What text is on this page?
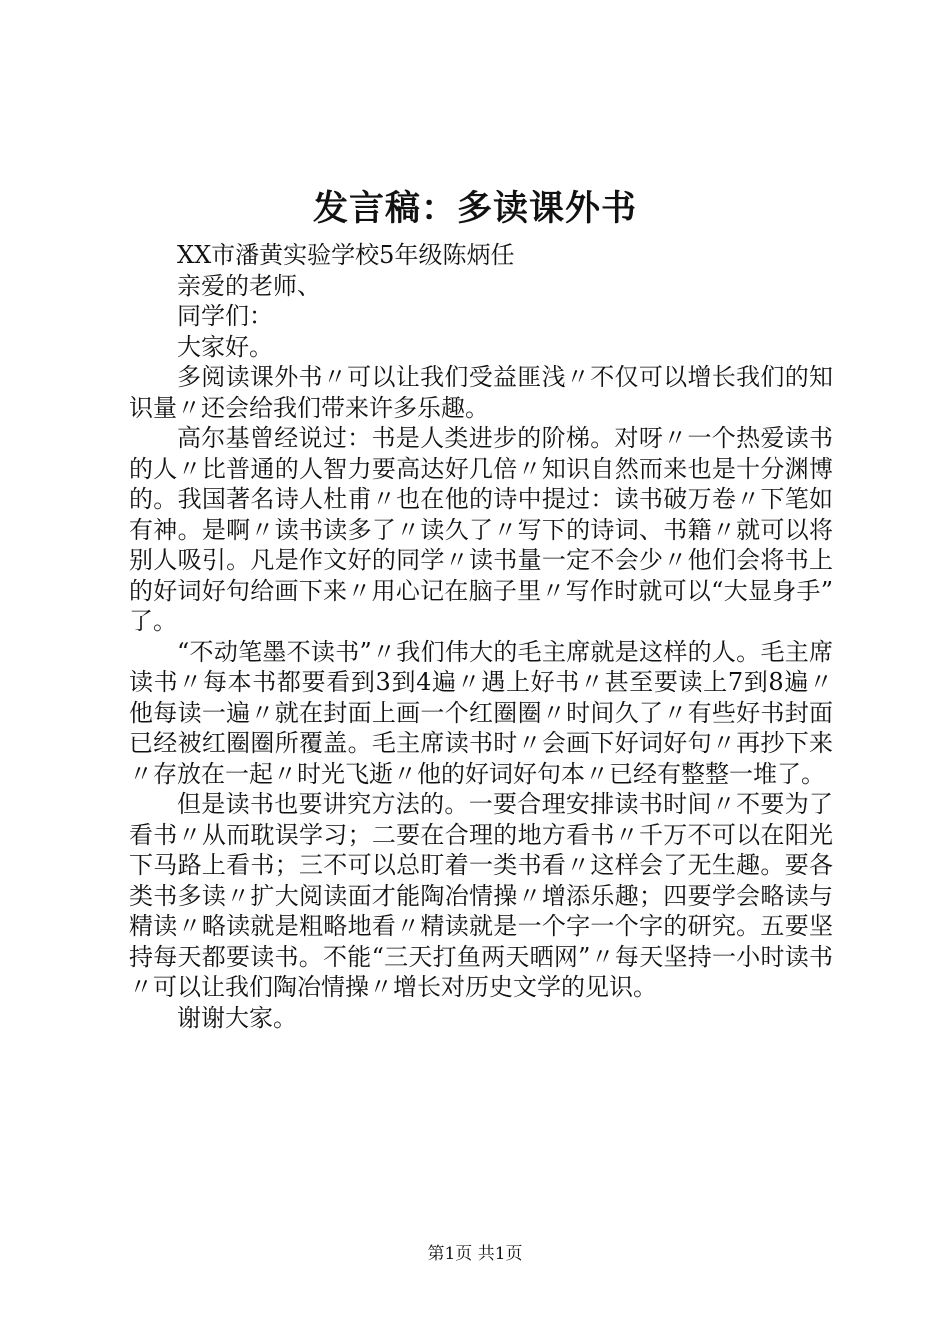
发言稿：多读课外书

XX市潘黄实验学校5年级陈炳任

亲爱的老师、

同学们：

大家好。

多阅读课外书〃可以让我们受益匪浅〃不仅可以增长我们的知识量〃还会给我们带来许多乐趣。

高尔基曾经说过：书是人类进步的阶梯。对呀〃一个热爱读书的人〃比普通的人智力要高达好几倍〃知识自然而来也是十分渊博的。我国著名诗人杜甫〃也在他的诗中提过：读书破万卷〃下笔如有神。是啊〃读书读多了〃读久了〃写下的诗词、书籍〃就可以将别人吸引。凡是作文好的同学〃读书量一定不会少〃他们会将书上的好词好句给画下来〃用心记在脑子里〃写作时就可以“大显身手”了。

“不动笔墨不读书”〃我们伟大的毛主席就是这样的人。毛主席读书〃每本书都要看到3到4遍〃遇上好书〃甚至要读上7到8遍〃他每读一遍〃就在封面上画一个红圈圈〃时间久了〃有些好书封面已经被红圈圈所覆盖。毛主席读书时〃会画下好词好句〃再抄下来〃存放在一起〃时光飞逝〃他的好词好句本〃已经有整整一堆了。

但是读书也要讲究方法的。一要合理安排读书时间〃不要为了看书〃从而耽误学习；二要在合理的地方看书〃千万不可以在阳光下马路上看书；三不可以总盯着一类书看〃这样会了无生趣。要各类书多读〃扩大阅读面才能陶冶情操〃增添乐趣；四要学会略读与精读〃略读就是粗略地看〃精读就是一个字一个字的研究。五要坚持每天都要读书。不能“三天打鱼两天晒网”〃每天坚持一小时读书〃可以让我们陶冶情操〃增长对历史文学的见识。

谢谢大家。

第1页 共1页
